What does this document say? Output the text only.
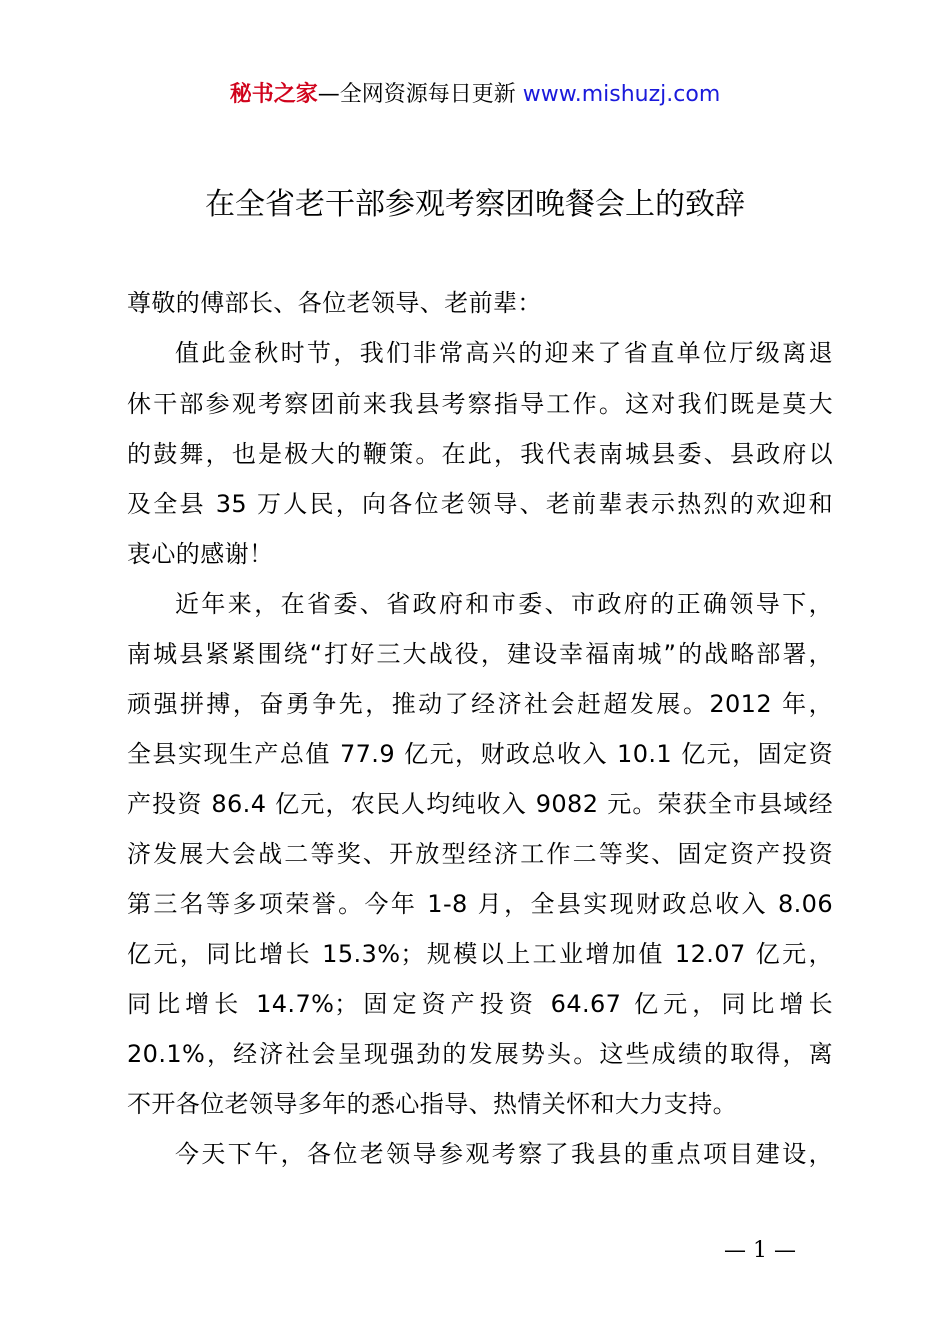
秘书之家—全网资源每日更新 www.mishuzj.com
在全省老干部参观考察团晚餐会上的致辞
尊敬的傅部长、各位老领导、老前辈：
值此金秋时节，我们非常高兴的迎来了省直单位厅级离退
休干部参观考察团前来我县考察指导工作。这对我们既是莫大
的鼓舞，也是极大的鞭策。在此，我代表南城县委、县政府以
及全县 35 万人民，向各位老领导、老前辈表示热烈的欢迎和
衷心的感谢！
近年来，在省委、省政府和市委、市政府的正确领导下，
南城县紧紧围绕“打好三大战役，建设幸福南城”的战略部署，
顽强拼搏，奋勇争先，推动了经济社会赶超发展。2012 年，
全县实现生产总值 77.9 亿元，财政总收入 10.1 亿元，固定资
产投资 86.4 亿元，农民人均纯收入 9082 元。荣获全市县域经
济发展大会战二等奖、开放型经济工作二等奖、固定资产投资
第三名等多项荣誉。今年 1-8 月，全县实现财政总收入 8.06
亿元，同比增长 15.3%；规模以上工业增加值 12.07 亿元，
同比增长 14.7%；固定资产投资 64.67 亿元，同比增长
20.1%，经济社会呈现强劲的发展势头。这些成绩的取得，离
不开各位老领导多年的悉心指导、热情关怀和大力支持。
今天下午，各位老领导参观考察了我县的重点项目建设，
— 1 —
